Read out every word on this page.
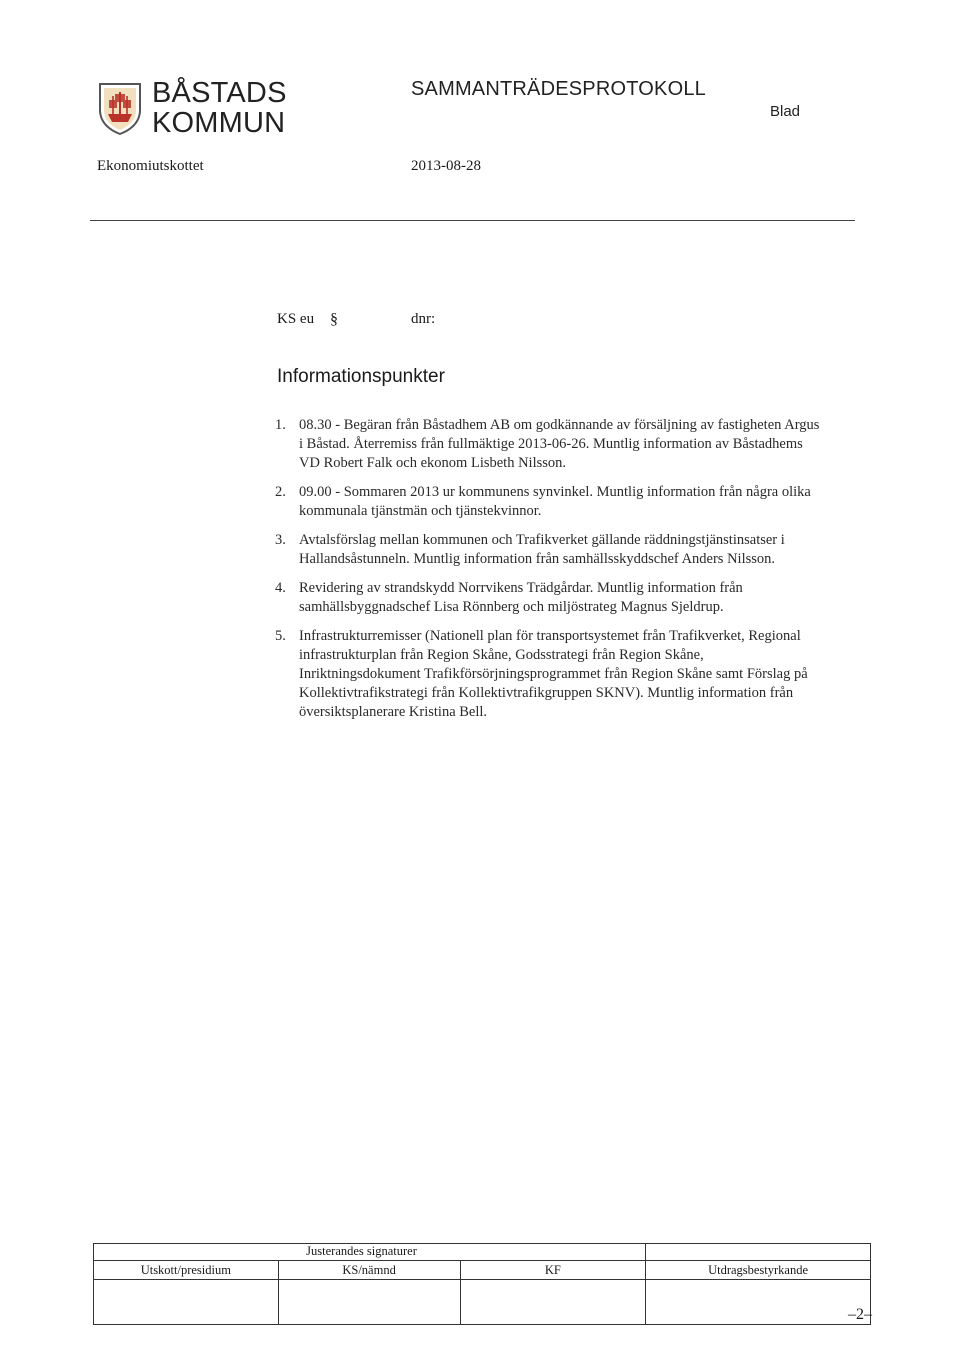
BÅSTADS
KOMMUN
SAMMANTRÄDESPROTOKOLL
Blad
Ekonomiutskottet	2013-08-28
KS eu §	dnr:
Informationspunkter
1. 08.30 - Begäran från Båstadhem AB om godkännande av försäljning av fastigheten Argus i Båstad. Återremiss från fullmäktige 2013-06-26. Muntlig information av Båstadhems VD Robert Falk och ekonom Lisbeth Nilsson.
2. 09.00 - Sommaren 2013 ur kommunens synvinkel. Muntlig information från några olika kommunala tjänstmän och tjänstekvinnor.
3. Avtalsförslag mellan kommunen och Trafikverket gällande räddningstjänstinsatser i Hallandsåstunneln. Muntlig information från samhällsskyddschef Anders Nilsson.
4. Revidering av strandskydd Norrvikens Trädgårdar. Muntlig information från samhällsbyggnadschef Lisa Rönnberg och miljöstrateg Magnus Sjeldrup.
5. Infrastrukturremisser (Nationell plan för transportsystemet från Trafikverket, Regional infrastrukturplan från Region Skåne, Godsstrategi från Region Skåne, Inriktningsdokument Trafikförsörjningsprogrammet från Region Skåne samt Förslag på Kollektivtrafikstrategi från Kollektivtrafikgruppen SKNV). Muntlig information från översiktsplanerare Kristina Bell.
	Justerandes signaturer		
Utskott/presidium	KS/nämnd	KF	Utdragsbestyrkande

–2–
